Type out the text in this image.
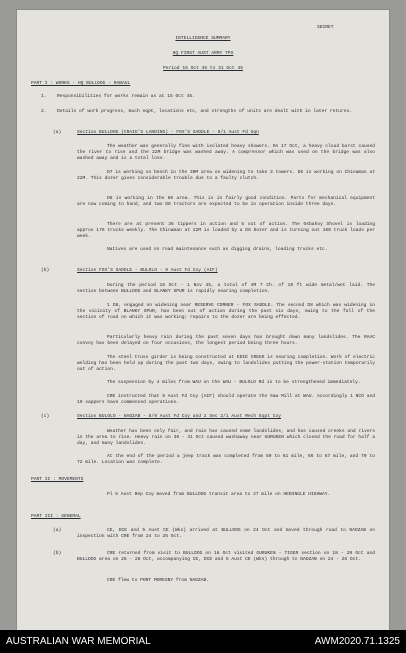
SECRET
INTELLIGENCE SUMMARY
HQ FIRST AUST ARMY TPS
Period 16 Oct 45 to 31 Oct 45
PART I : WORKS - HQ BULLDOG - RABAUL
1. Responsibilities for works remain as at 15 Oct 45.
2. Details of work progress, much eqpt, locations etc, and strengths of units are dealt with in later returns.
(a)	Section BULLDOG (CRAIG'S LANDING) - FOX'S SADDLE - 8/1 Aust Fd Sqn
The weather was generally fine with isolated heavy showers. On 17 Oct, a heavy cloud burst caused the river to rise and the 22M bridge was washed away. A compressor which was used on the bridge was also washed away and is a total loss.
D7 is working on bench in the 30M area on widening to take 3 towers. D6 is working on Chinaman at 22M. This dozer gives considerable trouble due to a faulty clutch.
D8 is working in the 80 area. This is in fairly good condition. Parts for mechanical equipment are now coming to hand, and two D8 tractors are expected to be in operation inside three days.
There are at present 36 tippers in action and 5 out of action. The Osbahoy Shovel is loading approx 176 trucks weekly. The Chinaman at 22M is loaded by a D6 Dozer and is turning out 160 truck loads per week.
Natives are used on road maintenance such as digging drains, loading trucks etc.
(b)	Section FOX'S SADDLE - BULOLO - 9 Aust Fd Coy (AIF)
During the period 16 Oct - 1 Nov 45, a total of 4M 7 Ch. of 10 ft wide metal/wet laid. The section between BULLDOG and BLANKY SPUR is rapidly nearing completion.
1 D8, engaged on widening near RESERVE CORNER - FOX SADDLE. The second D8 which was widening in the vicinity of BLANKY SPUR, has been out of action during the past six days, owing to the fall of the section of road on which it was working; repairs to the dozer are being effected.
Particularly heavy rain during the past seven days has brought down many landslides. The RAAC convoy has been delayed on four occasions, the longest period being three hours.
The steel truss girder is being constructed at EDIE CREEK is nearing completion. Work of electric welding has been held up during the past two days, owing to landslides putting the power-station temporarily out of action.
The suspension by 4 miles from WAU on the WAU - BULOLO Rd is to be strengthened immediately.
CRE instructed that 9 Aust Fd Coy (AIF) should operate the Saw Mill at WAU. Accordingly 1 NCO and 10 sappers have commenced operations.
(c)	Section BULOLO - NADZAB - 8/9 Aust Fd Coy and 2 Sec 2/1 Aust Mech Eqpt Coy
Weather has been only fair, and rain has caused some landslides, and has caused creeks and rivers in the area to rise. Heavy rain on 30 - 31 Oct caused washaway near GURUKEN which closed the road for half a day, and many landslides.
At the end of the period a jeep track was completed from 50 to 61 mile, 66 to 67 mile, and 70 to 72 mile. Location was complete.
PART II : MOVEMENTS
Pl 5 Aust Rep Coy moved from BULLDOG transit area to 27 mile on HEBINGLE HIGHWAY.
PART III : GENERAL
(a)	CE, DCE and 5 Aust CE (Wks) arrived at BULLDOG on 24 Oct and moved through road to NADZAB on inspection with CRE from 24 to 26 Oct.
(b)	CRE returned from visit to BULLDOG on 16 Oct visited GURUKEN - TIGER section on 18 - 20 Oct and BULLDOG area on 26 - 28 Oct, accompanying CE, DCE and 5 Aust CE (Wks) through to NADZAB on 24 - 26 Oct.
CRE flew to PORT MORESBY from NADZAB.
AUSTRALIAN WAR MEMORIAL	AWM2020.71.1325
